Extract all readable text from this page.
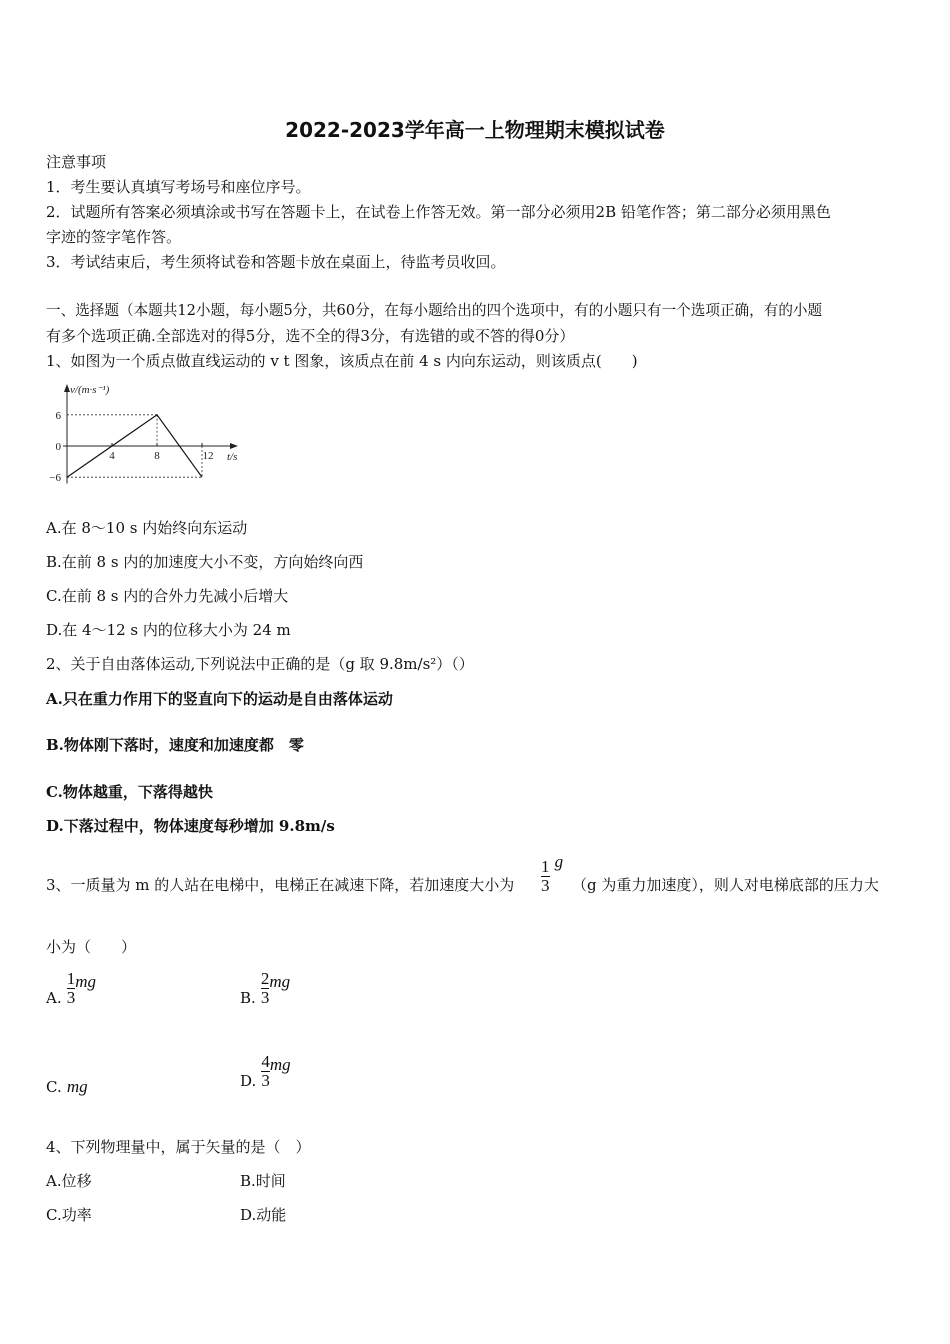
2022-2023学年高一上物理期末模拟试卷
注意事项
1．考生要认真填写考场号和座位序号。
2．试题所有答案必须填涂或书写在答题卡上，在试卷上作答无效。第一部分必须用2B 铅笔作答；第二部分必须用黑色
字迹的签字笔作答。
3．考试结束后，考生须将试卷和答题卡放在桌面上，待监考员收回。
一、选择题（本题共12小题，每小题5分，共60分，在每小题给出的四个选项中，有的小题只有一个选项正确，有的小题
有多个选项正确.全部选对的得5分，选不全的得3分，有选错的或不答的得0分）
1、如图为一个质点做直线运动的 v t 图象，该质点在前 4 s 内向东运动，则该质点(　　)
v/(m·s⁻¹)
t/s
6
0
−6
4	8	12
A.在 8～10 s 内始终向东运动
B.在前 8 s 内的加速度大小不变，方向始终向西
C.在前 8 s 内的合外力先减小后增大
D.在 4～12 s 内的位移大小为 24 m
2、关于自由落体运动,下列说法中正确的是（g 取 9.8m/s²）（）
A.只在重力作用下的竖直向下的运动是自由落体运动
B.物体刚下落时，速度和加速度都　零
C.物体越重，下落得越快
D.下落过程中，物体速度每秒增加 9.8m/s
3、一质量为 m 的人站在电梯中，电梯正在减速下降，若加速度大小为 $\frac{1}{3}$ g
（g 为重力加速度），则人对电梯底部的压力大
小为（　　）
A. $\frac{1}{3}$ mg
B. $\frac{2}{3}$ mg
C. mg	D. $\frac{4}{3}$ mg
4、下列物理量中，属于矢量的是（　）
A.位移	B.时间
C.功率	D.动能
